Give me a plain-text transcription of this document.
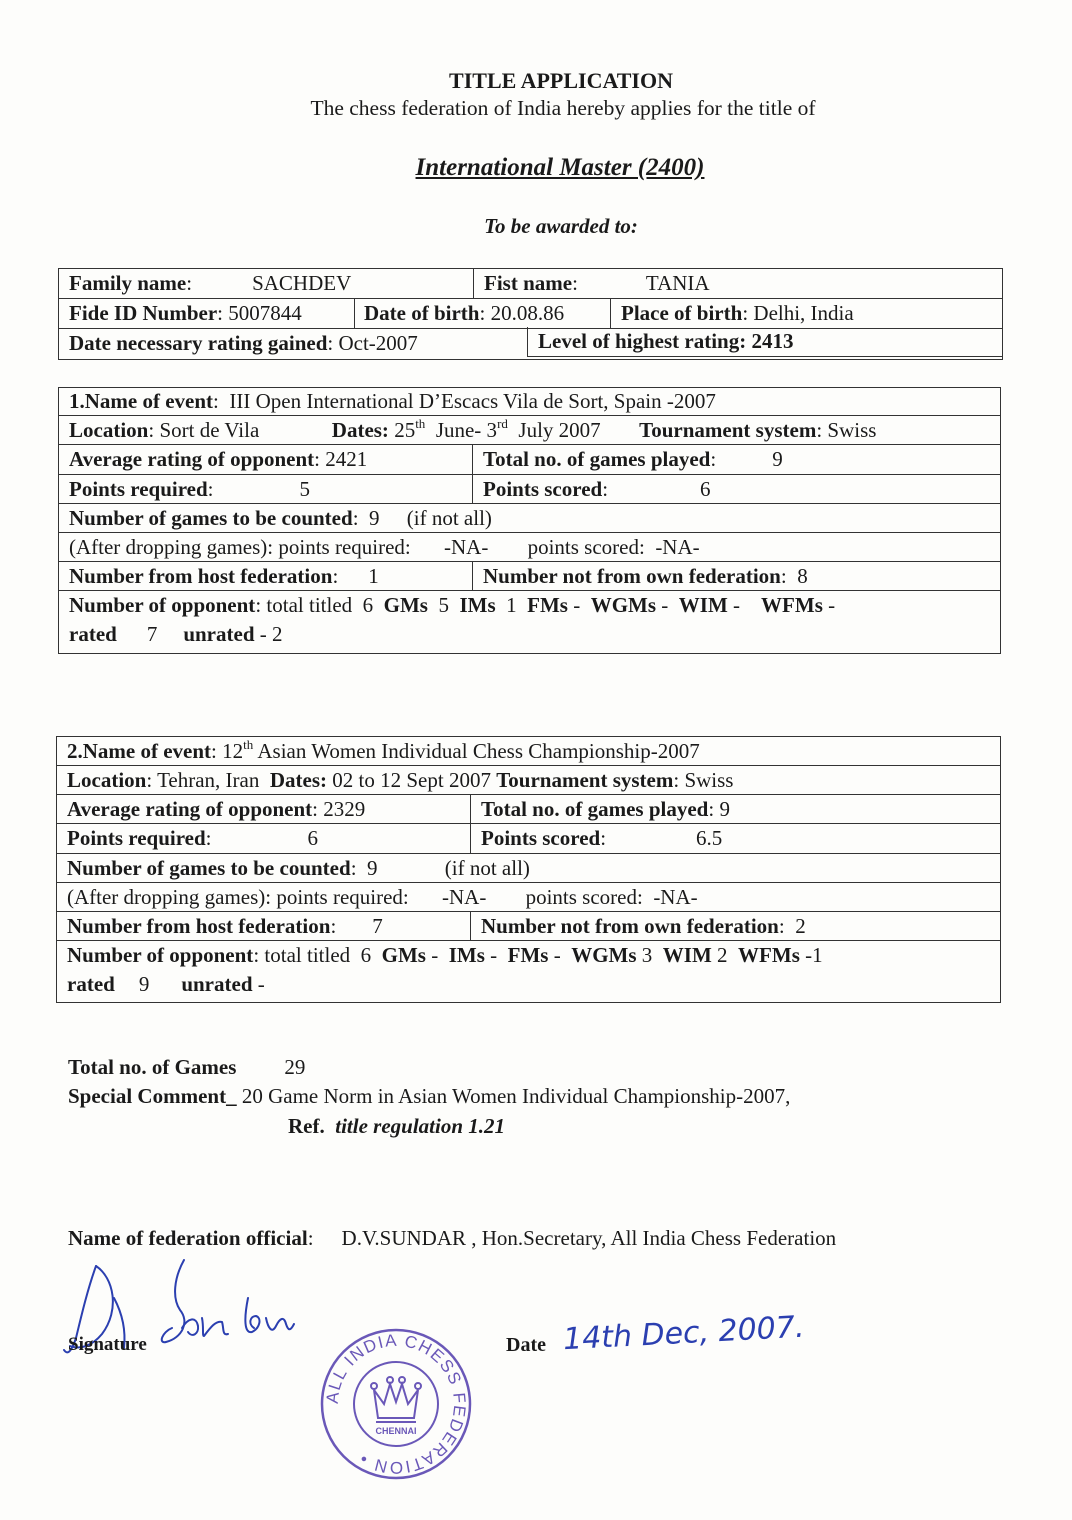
TITLE APPLICATION
The chess federation of India hereby applies for the title of
International Master (2400)
To be awarded to:
Family name:	SACHDEV	Fist name:	TANIA
Fide ID Number: 5007844	Date of birth: 20.08.86	Place of birth: Delhi, India
Date necessary rating gained: Oct-2007	Level of highest rating: 2413
1.Name of event:  III Open International D’Escacs Vila de Sort, Spain -2007
Location: Sort de Vila	Dates: 25th June- 3rd July 2007 Tournament system: Swiss
Average rating of opponent: 2421	Total no. of games played:	9
Points required:	5	Points scored:	6
Number of games to be counted:  9 (if not all)
(After dropping games): points required: -NA- points scored: -NA-
Number from host federation: 1	Number not from own federation:  8
Number of opponent: total titled 6 GMs 5 IMs 1 FMs - WGMs - WIM - WFMs -
rated 7 unrated - 2
2.Name of event: 12th Asian Women Individual Chess Championship-2007
Location: Tehran, Iran Dates: 02 to 12 Sept 2007 Tournament system: Swiss
Average rating of opponent: 2329	Total no. of games played: 9
Points required:	6	Points scored:	6.5
Number of games to be counted:  9	(if not all)
(After dropping games): points required: -NA- points scored: -NA-
Number from host federation: 7	Number not from own federation:  2
Number of opponent: total titled 6 GMs - IMs - FMs - WGMs 3 WIM 2 WFMs -1
rated 9 unrated -
Total no. of Games 29
Special Comment_ 20 Game Norm in Asian Women Individual Championship-2007,
Ref. title regulation 1.21
Name of federation official: D.V.SUNDAR , Hon.Secretary, All India Chess Federation
Signature
ALL INDIA CHESS FEDERATION •
CHENNAI
Date 14th Dec, 2007.
